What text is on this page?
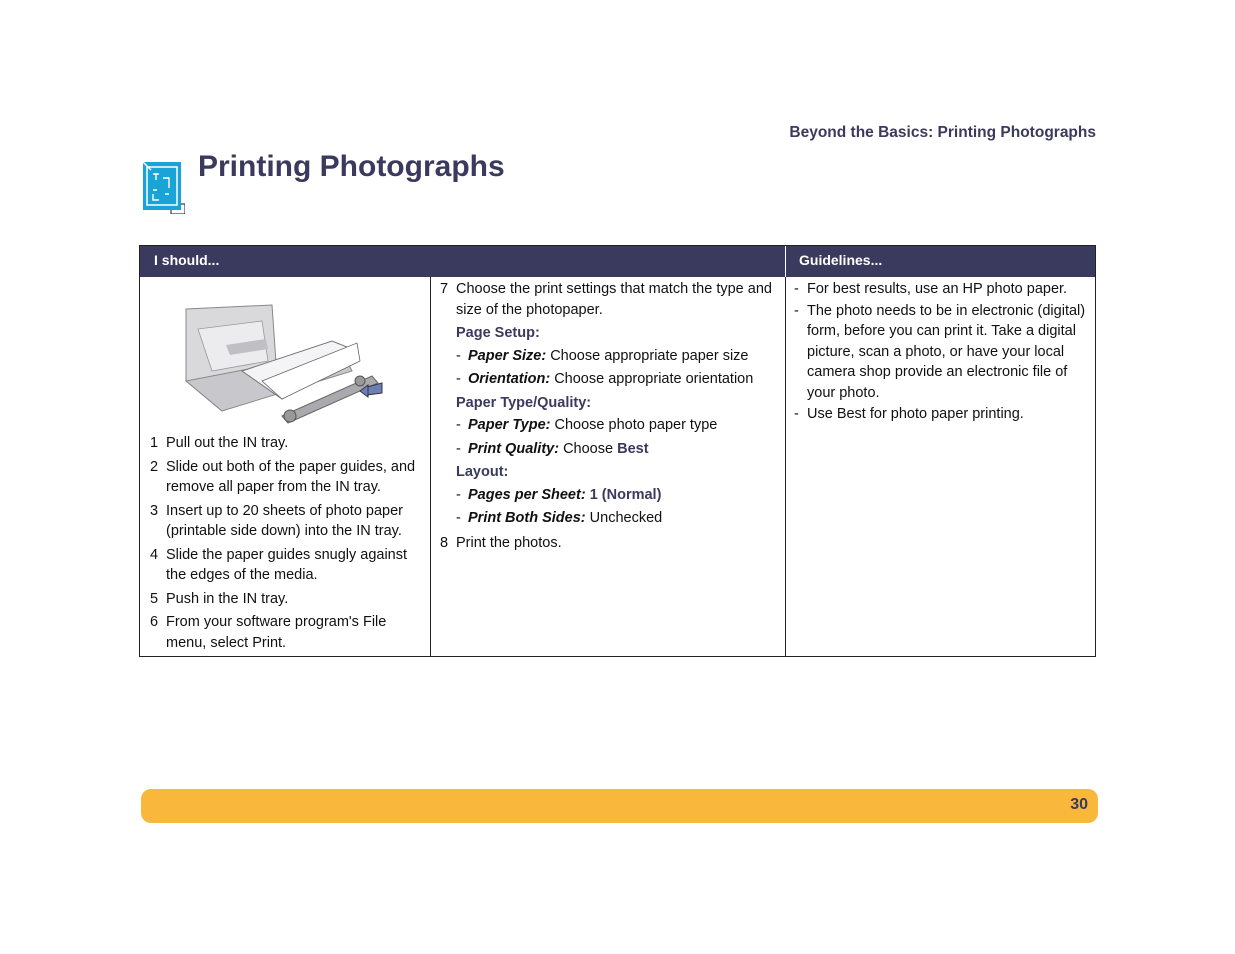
Beyond the Basics: Printing Photographs
Printing Photographs
I should...	Guidelines...
1 Pull out the IN tray.
2 Slide out both of the paper guides, and remove all paper from the IN tray.
3 Insert up to 20 sheets of photo paper (printable side down) into the IN tray.
4 Slide the paper guides snugly against the edges of the media.
5 Push in the IN tray.
6 From your software program's File menu, select Print.
7 Choose the print settings that match the type and size of the photopaper.
Page Setup:
- Paper Size: Choose appropriate paper size
- Orientation: Choose appropriate orientation
Paper Type/Quality:
- Paper Type: Choose photo paper type
- Print Quality: Choose Best
Layout:
- Pages per Sheet: 1 (Normal)
- Print Both Sides: Unchecked
8 Print the photos.
- For best results, use an HP photo paper.
- The photo needs to be in electronic (digital) form, before you can print it. Take a digital picture, scan a photo, or have your local camera shop provide an electronic file of your photo.
- Use Best for photo paper printing.
30
